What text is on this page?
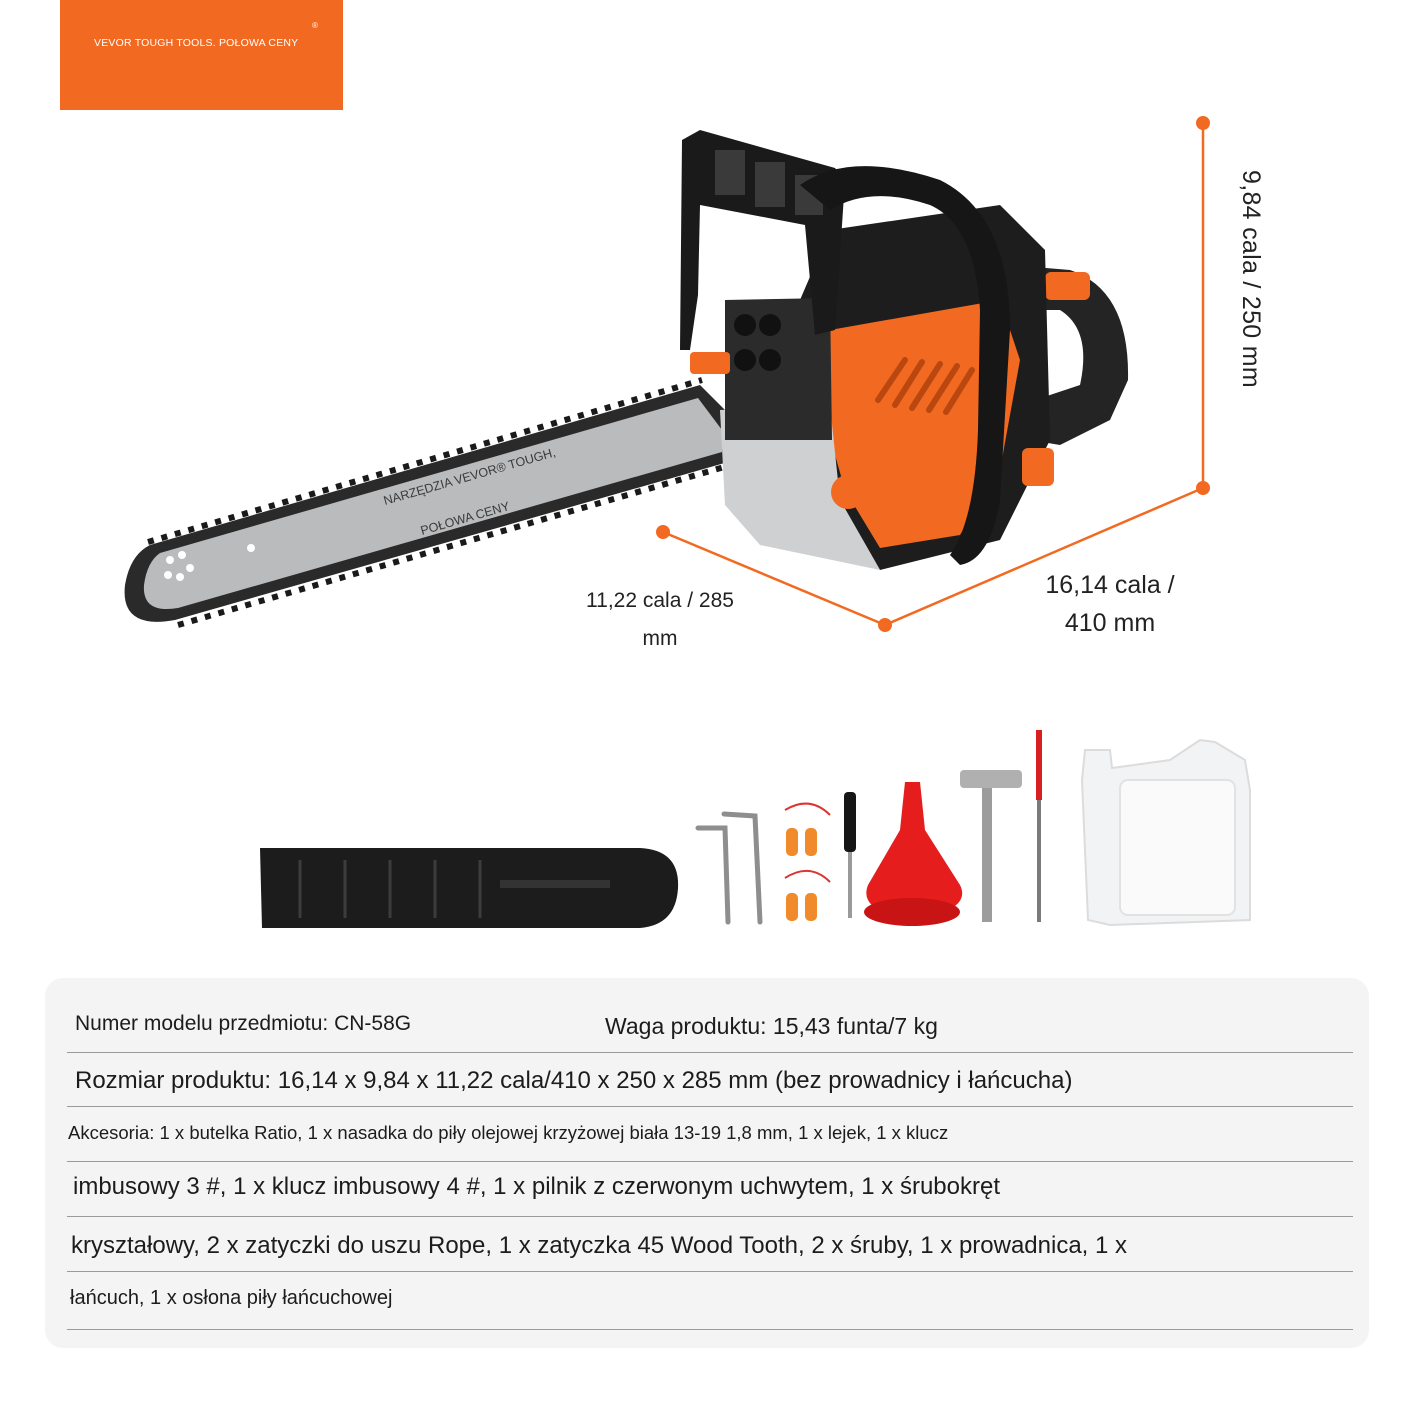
VEVOR TOUGH TOOLS. POŁOWA CENY
®
NARZĘDZIA VEVOR® TOUGH,
POŁOWA CENY
9,84 cala / 250 mm
11,22 cala / 285 mm
16,14 cala /
410 mm
Numer modelu przedmiotu: CN-58G	Waga produktu: 15,43 funta/7 kg
Rozmiar produktu: 16,14 x 9,84 x 11,22 cala/410 x 250 x 285 mm (bez prowadnicy i łańcucha)
Akcesoria: 1 x butelka Ratio, 1 x nasadka do piły olejowej krzyżowej biała 13-19 1,8 mm, 1 x lejek, 1 x klucz
imbusowy 3 #, 1 x klucz imbusowy 4 #, 1 x pilnik z czerwonym uchwytem, 1 x śrubokręt
kryształowy, 2 x zatyczki do uszu Rope, 1 x zatyczka 45 Wood Tooth, 2 x śruby, 1 x prowadnica, 1 x
łańcuch, 1 x osłona piły łańcuchowej
